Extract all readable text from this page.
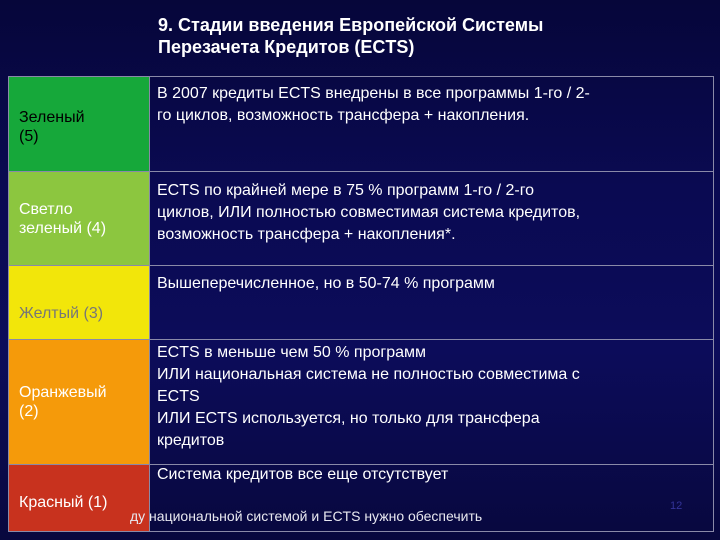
9. Стадии введения Европейской Системы
Перезачета Кредитов (ECTS)
Зеленый
(5)
В 2007 кредиты ECTS внедрены в все программы 1-го / 2-
го циклов, возможность трансфера + накопления.
Светло
зеленый (4)
ECTS по крайней мере в 75 % программ 1-го / 2-го
циклов, ИЛИ полностью совместимая система кредитов,
возможность трансфера + накопления*.
Желтый (3)
Вышеперечисленное, но в 50-74 % программ
Оранжевый
(2)
ECTS в меньше чем 50 % программ
ИЛИ национальная система не полностью совместима с
ECTS
ИЛИ ECTS используется, но только для трансфера
кредитов
Красный (1)
Система кредитов все еще отсутствует
ду национальной системой и ECTS нужно обеспечить
12
